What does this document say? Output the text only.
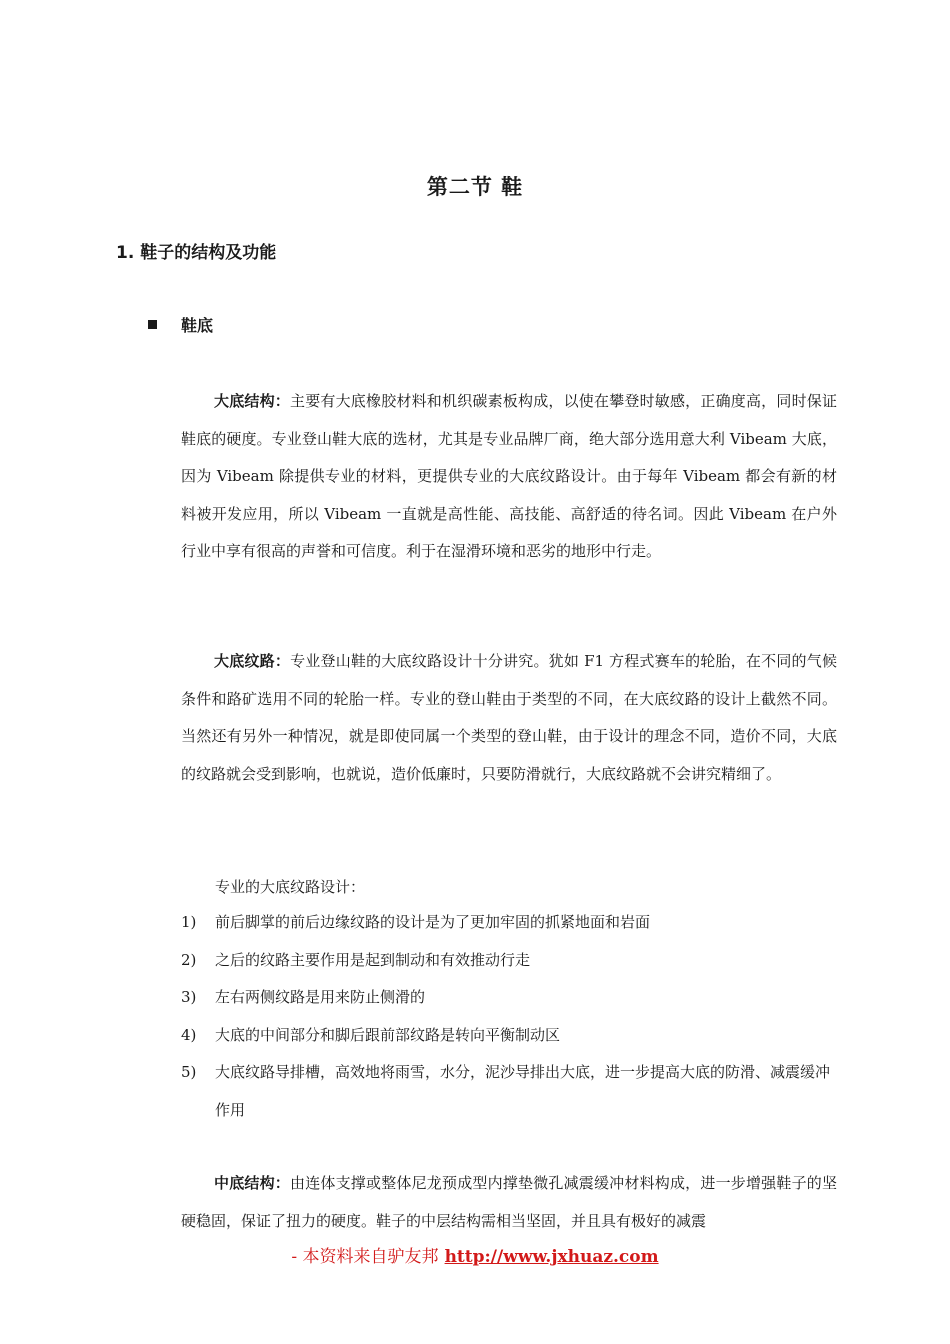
第二节 鞋
1. 鞋子的结构及功能
鞋底

大底结构：主要有大底橡胶材料和机织碳素板构成，以使在攀登时敏感，正确度高，同时保证鞋底的硬度。专业登山鞋大底的选材，尤其是专业品牌厂商，绝大部分选用意大利 Vibeam 大底，因为 Vibeam 除提供专业的材料，更提供专业的大底纹路设计。由于每年 Vibeam 都会有新的材料被开发应用，所以 Vibeam 一直就是高性能、高技能、高舒适的待名词。因此 Vibeam 在户外行业中享有很高的声誉和可信度。利于在湿滑环境和恶劣的地形中行走。

大底纹路：专业登山鞋的大底纹路设计十分讲究。犹如 F1 方程式赛车的轮胎，在不同的气候条件和路矿选用不同的轮胎一样。专业的登山鞋由于类型的不同，在大底纹路的设计上截然不同。当然还有另外一种情况，就是即使同属一个类型的登山鞋，由于设计的理念不同，造价不同，大底的纹路就会受到影响，也就说，造价低廉时，只要防滑就行，大底纹路就不会讲究精细了。

专业的大底纹路设计：

1)	前后脚掌的前后边缘纹路的设计是为了更加牢固的抓紧地面和岩面
2)	之后的纹路主要作用是起到制动和有效推动行走
3)	左右两侧纹路是用来防止侧滑的
4)	大底的中间部分和脚后跟前部纹路是转向平衡制动区
5)	大底纹路导排槽，高效地将雨雪，水分，泥沙导排出大底，进一步提高大底的防滑、减震缓冲作用

中底结构：由连体支撑或整体尼龙预成型内撑垫微孔减震缓冲材料构成，进一步增强鞋子的坚硬稳固，保证了扭力的硬度。鞋子的中层结构需相当坚固，并且具有极好的减震

- 本资料来自驴友邦 http://www.jxhuaz.com
